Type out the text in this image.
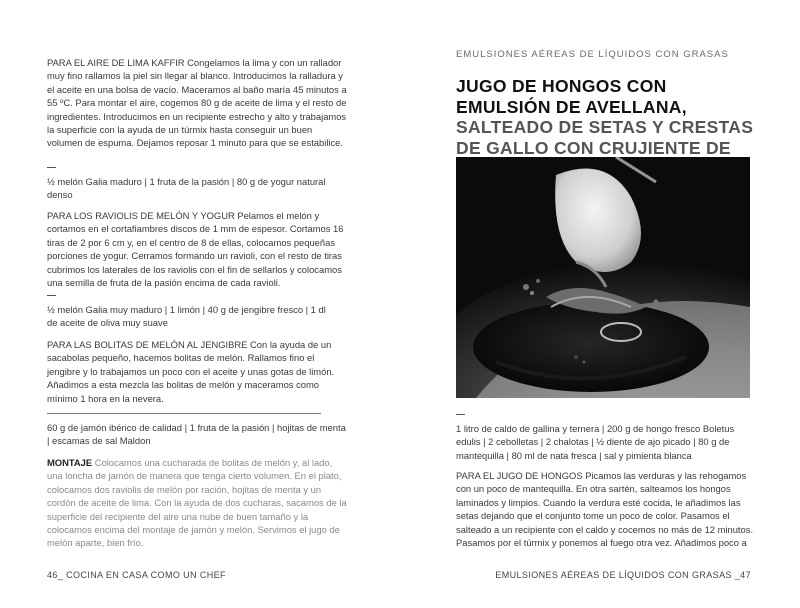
PARA EL AIRE DE LIMA KAFFIR Congelamos la lima y con un rallador muy fino rallamos la piel sin llegar al blanco. Introducimos la ralladura y el aceite en una bolsa de vacío. Maceramos al baño maría 45 minutos a 55 ºC. Para montar el aire, cogemos 80 g de aceite de lima y el resto de ingredientes. Introducimos en un recipiente estrecho y alto y trabajamos la superficie con la ayuda de un túrmix hasta conseguir un buen volumen de espuma. Dejamos reposar 1 minuto para que se estabilice.

½ melón Galia maduro | 1 fruta de la pasión | 80 g de yogur natural denso

PARA LOS RAVIOLIS DE MELÓN Y YOGUR Pelamos el melón y cortamos en el cortafiambres discos de 1 mm de espesor. Cortamos 16 tiras de 2 por 6 cm y, en el centro de 8 de ellas, colocamos pequeñas porciones de yogur. Cerramos formando un ravioli, con el resto de tiras cubrimos los laterales de los raviolis con el fin de sellarlos y colocamos una semilla de fruta de la pasión encima de cada ravioli.

½ melón Galia muy maduro | 1 limón | 40 g de jengibre fresco | 1 dl de aceite de oliva muy suave

PARA LAS BOLITAS DE MELÓN AL JENGIBRE Con la ayuda de un sacabolas pequeño, hacemos bolitas de melón. Rallamos fino el jengibre y lo trabajamos un poco con el aceite y unas gotas de limón. Añadimos a esta mezcla las bolitas de melón y maceramos como mínimo 1 hora en la nevera.

60 g de jamón ibérico de calidad | 1 fruta de la pasión | hojitas de menta | escamas de sal Maldon

MONTAJE Colocamos una cucharada de bolitas de melón y, al lado, una loncha de jamón de manera que tenga cierto volumen. En el plato, colocamos dos raviolis de melón por ración, hojitas de menta y un cordón de aceite de lima. Con la ayuda de dos cucharas, sacamos de la superficie del recipiente del aire una nube de buen tamaño y la colocamos encima del montaje de jamón y melón. Servimos el jugo de melón aparte, bien frío.

46_ COCINA EN CASA COMO UN CHEF
EMULSIONES AÉREAS DE LÍQUIDOS CON GRASAS
JUGO DE HONGOS CON EMULSIÓN DE AVELLANA, SALTEADO DE SETAS Y CRESTAS DE GALLO CON CRUJIENTE DE

1 litro de caldo de gallina y ternera | 200 g de hongo fresco Boletus edulis | 2 cebolletas | 2 chalotas | ½ diente de ajo picado | 80 g de mantequilla | 80 ml de nata fresca | sal y pimienta blanca

PARA EL JUGO DE HONGOS Picamos las verduras y las rehogamos con un poco de mantequilla. En otra sartén, salteamos los hongos laminados y limpios. Cuando la verdura esté cocida, le añadimos las setas dejando que el conjunto tome un poco de color. Pasamos el salteado a un recipiente con el caldo y cocemos no más de 12 minutos. Pasamos por el túrmix y ponemos al fuego otra vez. Añadimos poco a

EMULSIONES AÉREAS DE LÍQUIDOS CON GRASAS _47
